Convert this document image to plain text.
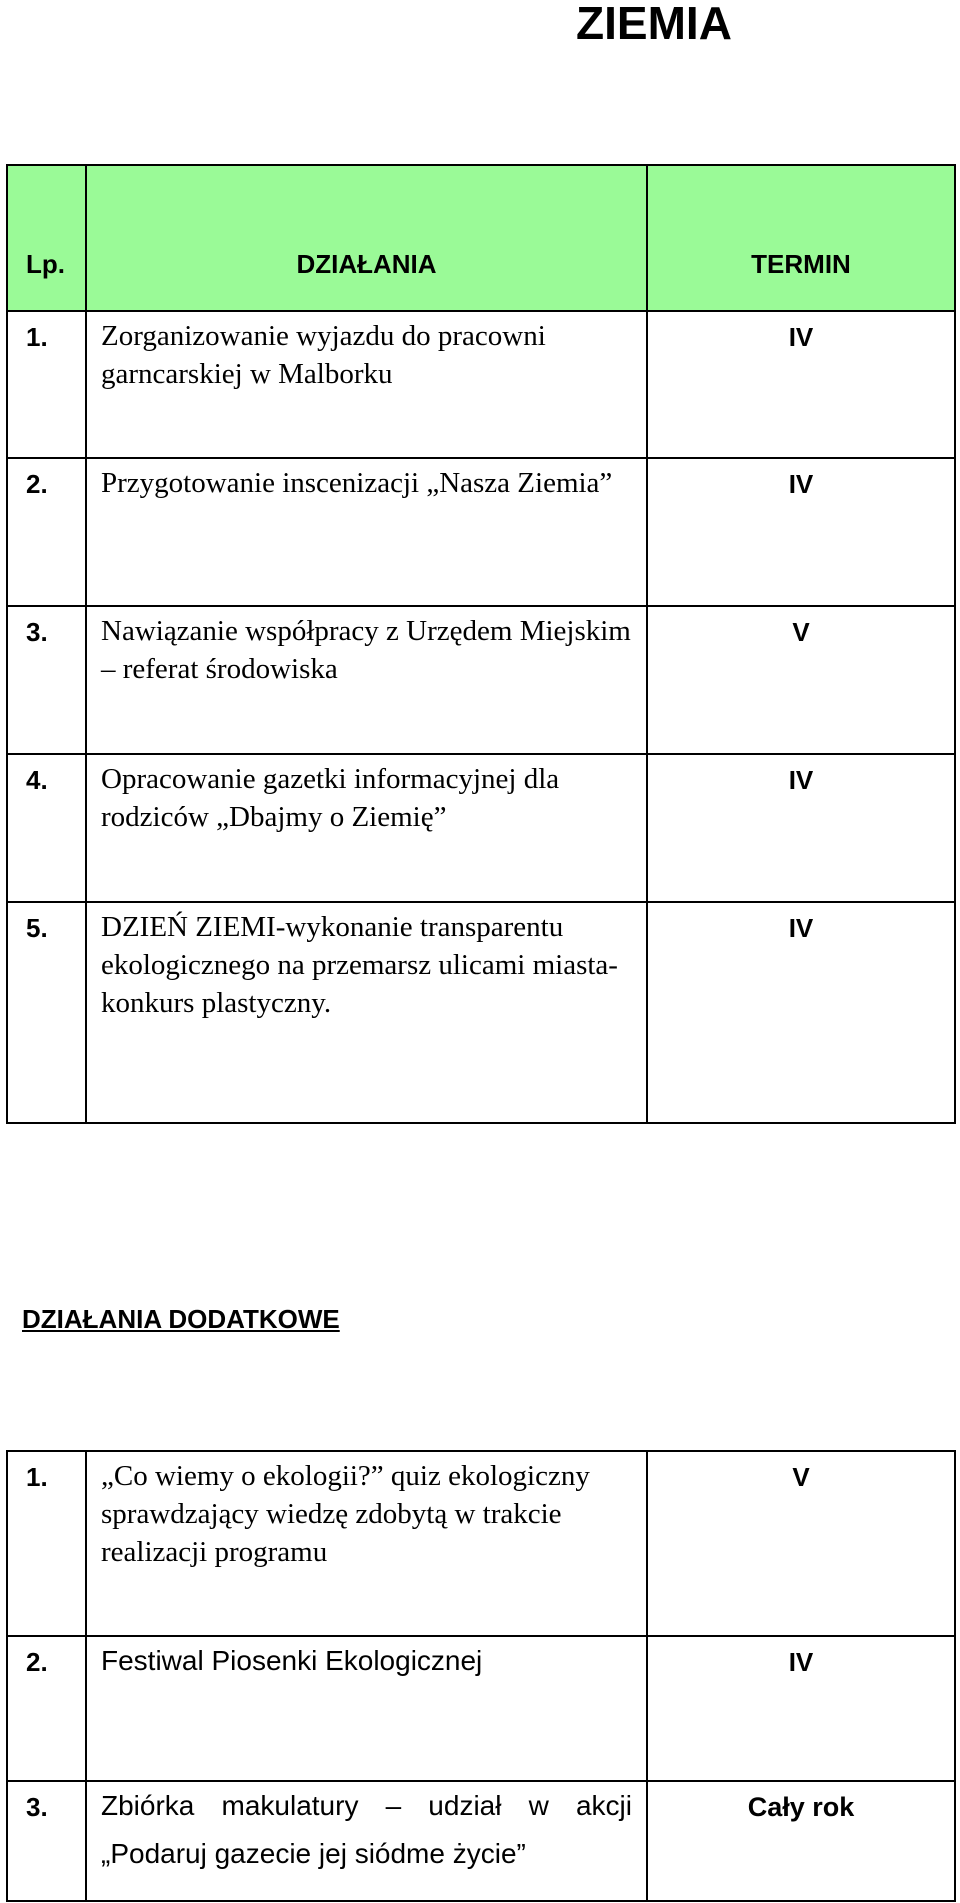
ZIEMIA
Lp.	DZIAŁANIA	TERMIN

1.	Zorganizowanie wyjazdu do pracowni garncarskiej w Malborku	IV

2.	Przygotowanie inscenizacji „Nasza Ziemia”	IV

3.	Nawiązanie współpracy z Urzędem Miejskim – referat środowiska	V

4.	Opracowanie gazetki informacyjnej dla rodziców „Dbajmy o Ziemię”	IV

5.	DZIEŃ ZIEMI-wykonanie transparentu ekologicznego na przemarsz ulicami miasta- konkurs plastyczny.	IV
DZIAŁANIA DODATKOWE
1.	„Co wiemy o ekologii?” quiz ekologiczny sprawdzający wiedzę zdobytą w trakcie realizacji programu	V

2.	Festiwal Piosenki Ekologicznej	IV

3.	Zbiórka makulatury – udział w akcji „Podaruj gazecie jej siódme życie”	Cały rok
